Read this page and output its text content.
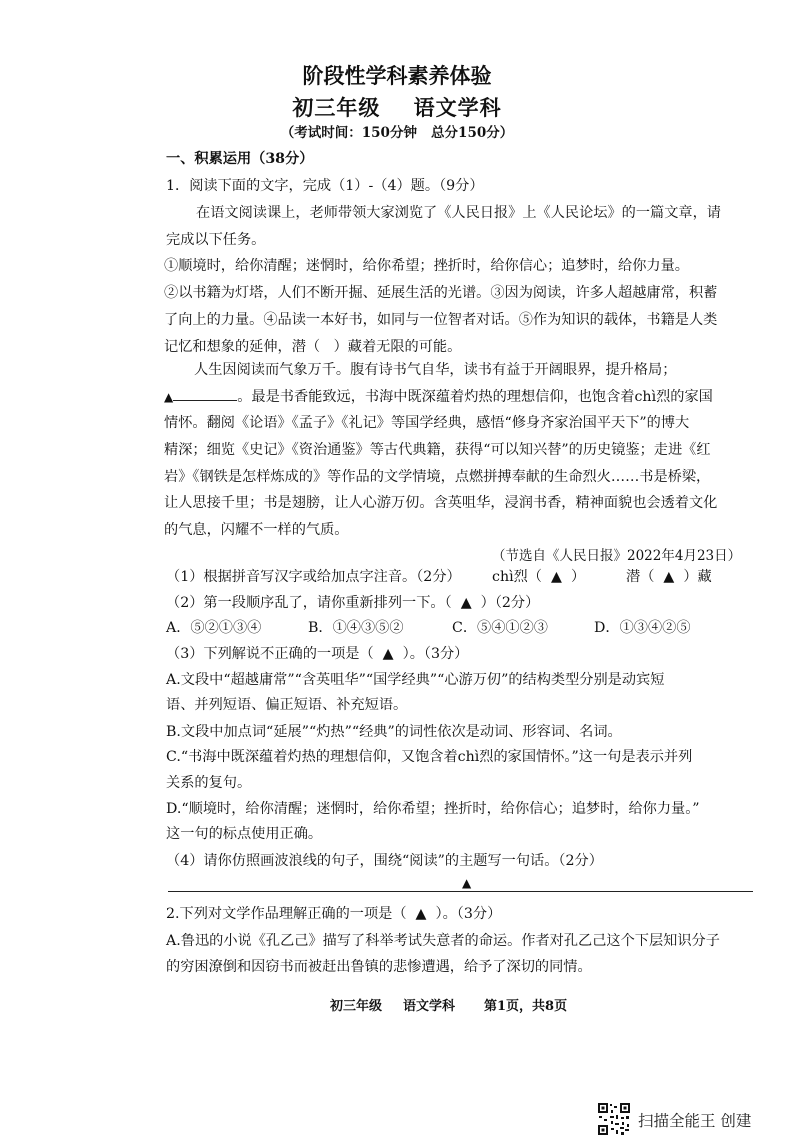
阶段性学科素养体验
初三年级    语文学科
（考试时间：150分钟   总分150分）
一、积累运用（38分）
1．阅读下面的文字，完成（1）-（4）题。（9分）
在语文阅读课上，老师带领大家浏览了《人民日报》上《人民论坛》的一篇文章，请
完成以下任务。
①顺境时，给你清醒；迷惘时，给你希望；挫折时，给你信心；追梦时，给你力量。
②以书籍为灯塔，人们不断开掘、延展生活的光谱。③因为阅读，许多人超越庸常，积蓄
了向上的力量。④品读一本好书，如同与一位智者对话。⑤作为知识的载体，书籍是人类
记忆和想象的延伸，潜（   ）藏着无限的可能。
人生因阅读而气象万千。腹有诗书气自华，读书有益于开阔眼界，提升格局；
▲	。最是书香能致远，书海中既深蕴着灼热的理想信仰，也饱含着chì烈的家国
情怀。翻阅《论语》《孟子》《礼记》等国学经典，感悟“修身齐家治国平天下”的博大
精深；细览《史记》《资治通鉴》等古代典籍，获得“可以知兴替”的历史镜鉴；走进《红
岩》《钢铁是怎样炼成的》等作品的文学情境，点燃拼搏奉献的生命烈火……书是桥梁，
让人思接千里；书是翅膀，让人心游万仞。含英咀华，浸润书香，精神面貌也会透着文化
的气息，闪耀不一样的气质。
（节选自《人民日报》2022年4月23日）
（1）根据拼音写汉字或给加点字注音。（2分） chì烈（  ▲  ）	潜（  ▲  ）藏
（2）第一段顺序乱了，请你重新排列一下。（  ▲  ）（2分）
A．⑤②①③④	B．①④③⑤②	C．⑤④①②③	D．①③④②⑤
（3）下列解说不正确的一项是（  ▲  ）。（3分）
A.文段中“超越庸常”“含英咀华”“国学经典”“心游万仞”的结构类型分别是动宾短
语、并列短语、偏正短语、补充短语。
B.文段中加点词“延展”“灼热”“经典”的词性依次是动词、形容词、名词。
C.“书海中既深蕴着灼热的理想信仰，又饱含着chì烈的家国情怀。”这一句是表示并列
关系的复句。
D.“顺境时，给你清醒；迷惘时，给你希望；挫折时，给你信心；追梦时，给你力量。”
这一句的标点使用正确。
（4）请你仿照画波浪线的句子，围绕“阅读”的主题写一句话。（2分）
▲
2.下列对文学作品理解正确的一项是（  ▲  ）。（3分）
A.鲁迅的小说《孔乙己》描写了科举考试失意者的命运。作者对孔乙己这个下层知识分子
的穷困潦倒和因窃书而被赶出鲁镇的悲惨遭遇，给予了深切的同情。
初三年级 语文学科 第1页，共8页
扫描全能王 创建
